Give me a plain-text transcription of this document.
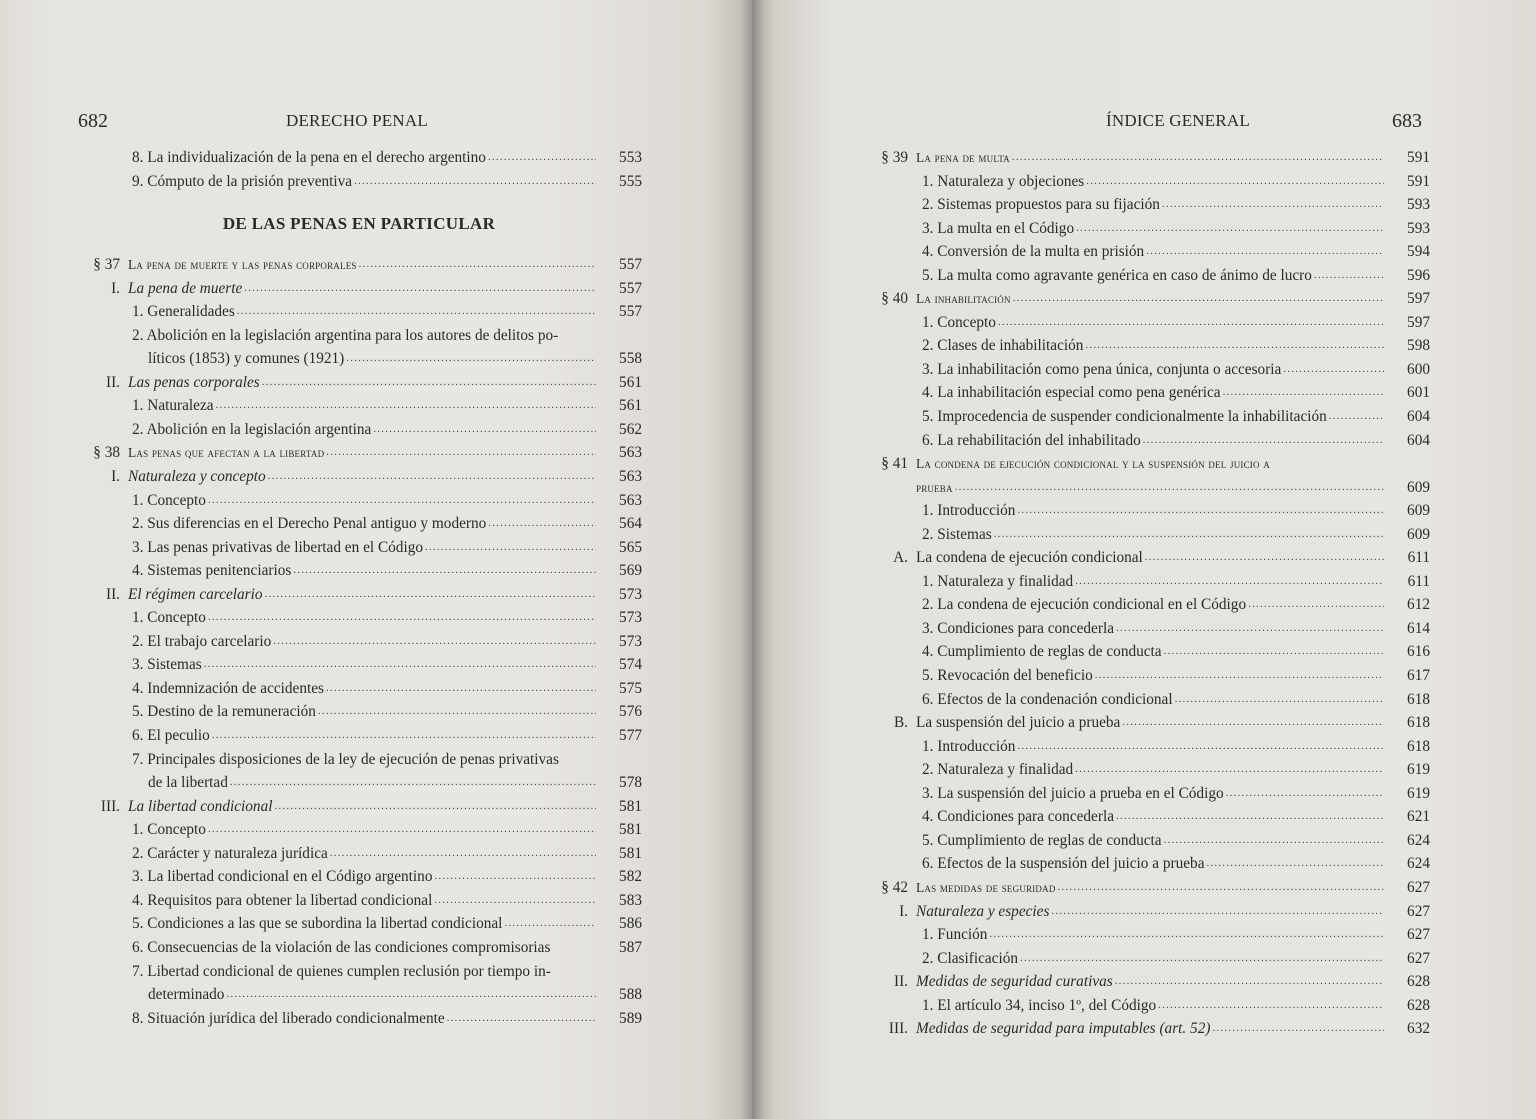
682	DERECHO PENAL
8. La individualización de la pena en el derecho argentino .....	553
9. Cómputo de la prisión preventiva .....	555
DE LAS PENAS EN PARTICULAR
§ 37 La pena de muerte y las penas corporales .....	557
I. La pena de muerte .....	557
1. Generalidades .....	557
2. Abolición en la legislación argentina para los autores de delitos po-
líticos (1853) y comunes (1921) .....	558
II. Las penas corporales .....	561
1. Naturaleza .....	561
2. Abolición en la legislación argentina .....	562
§ 38 Las penas que afectan a la libertad .....	563
I. Naturaleza y concepto .....	563
1. Concepto .....	563
2. Sus diferencias en el Derecho Penal antiguo y moderno .....	564
3. Las penas privativas de libertad en el Código .....	565
4. Sistemas penitenciarios .....	569
II. El régimen carcelario .....	573
1. Concepto .....	573
2. El trabajo carcelario .....	573
3. Sistemas .....	574
4. Indemnización de accidentes .....	575
5. Destino de la remuneración .....	576
6. El peculio .....	577
7. Principales disposiciones de la ley de ejecución de penas privativas
de la libertad .....	578
III. La libertad condicional .....	581
1. Concepto .....	581
2. Carácter y naturaleza jurídica .....	581
3. La libertad condicional en el Código argentino .....	582
4. Requisitos para obtener la libertad condicional .....	583
5. Condiciones a las que se subordina la libertad condicional .....	586
6. Consecuencias de la violación de las condiciones compromisorias	587
7. Libertad condicional de quienes cumplen reclusión por tiempo in-
determinado .....	588
8. Situación jurídica del liberado condicionalmente .....	589
ÍNDICE GENERAL	683
§ 39 La pena de multa .....	591
1. Naturaleza y objeciones .....	591
2. Sistemas propuestos para su fijación .....	593
3. La multa en el Código .....	593
4. Conversión de la multa en prisión .....	594
5. La multa como agravante genérica en caso de ánimo de lucro .....	596
§ 40 La inhabilitación .....	597
1. Concepto .....	597
2. Clases de inhabilitación .....	598
3. La inhabilitación como pena única, conjunta o accesoria .....	600
4. La inhabilitación especial como pena genérica .....	601
5. Improcedencia de suspender condicionalmente la inhabilitación .....	604
6. La rehabilitación del inhabilitado .....	604
§ 41 La condena de ejecución condicional y la suspensión del juicio a
prueba .....	609
1. Introducción .....	609
2. Sistemas .....	609
A. La condena de ejecución condicional .....	611
1. Naturaleza y finalidad .....	611
2. La condena de ejecución condicional en el Código .....	612
3. Condiciones para concederla .....	614
4. Cumplimiento de reglas de conducta .....	616
5. Revocación del beneficio .....	617
6. Efectos de la condenación condicional .....	618
B. La suspensión del juicio a prueba .....	618
1. Introducción .....	618
2. Naturaleza y finalidad .....	619
3. La suspensión del juicio a prueba en el Código .....	619
4. Condiciones para concederla .....	621
5. Cumplimiento de reglas de conducta .....	624
6. Efectos de la suspensión del juicio a prueba .....	624
§ 42 Las medidas de seguridad .....	627
I. Naturaleza y especies .....	627
1. Función .....	627
2. Clasificación .....	627
II. Medidas de seguridad curativas .....	628
1. El artículo 34, inciso 1º, del Código .....	628
III. Medidas de seguridad para imputables (art. 52) .....	632
